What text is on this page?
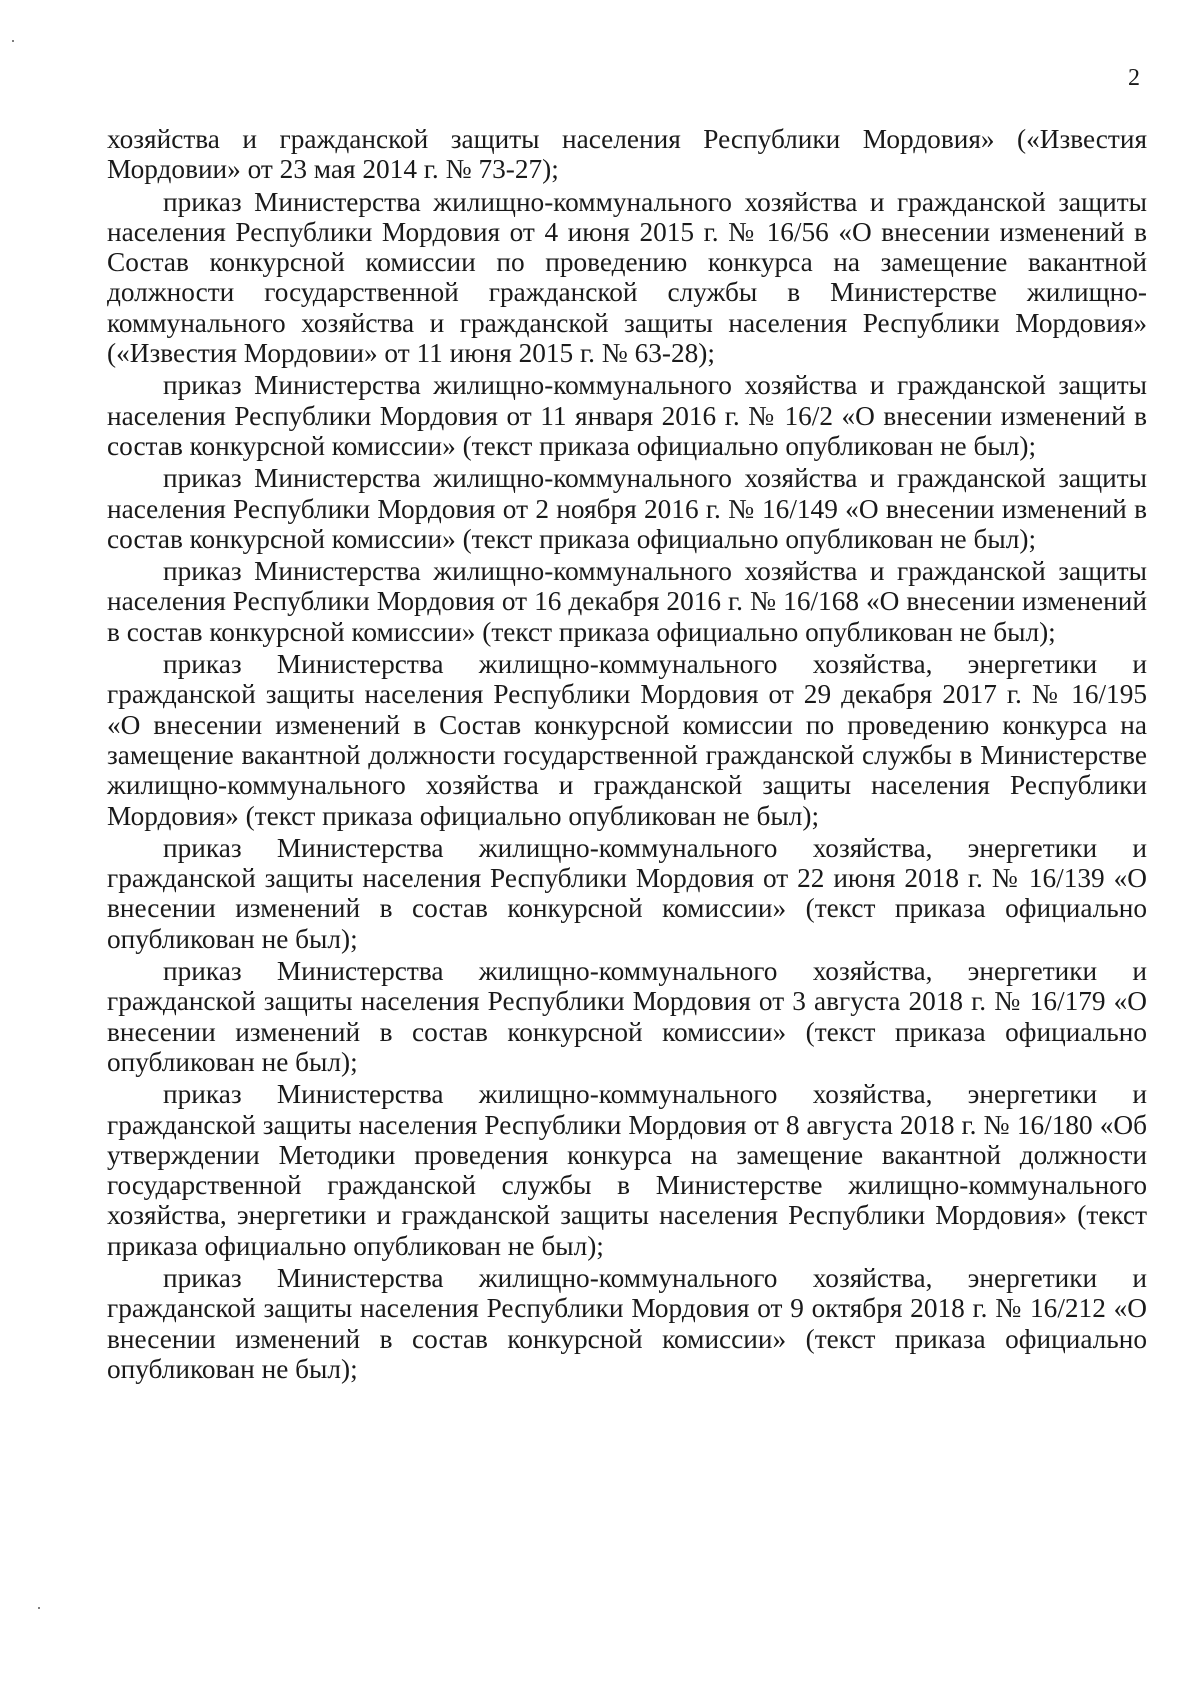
2

хозяйства и гражданской защиты населения Республики Мордовия» («Известия Мордовии» от 23 мая 2014 г. № 73-27);

приказ Министерства жилищно-коммунального хозяйства и гражданской защиты населения Республики Мордовия от 4 июня 2015 г. № 16/56 «О внесении изменений в Состав конкурсной комиссии по проведению конкурса на замещение вакантной должности государственной гражданской службы в Министерстве жилищно-коммунального хозяйства и гражданской защиты населения Республики Мордовия» («Известия Мордовии» от 11 июня 2015 г. № 63-28);

приказ Министерства жилищно-коммунального хозяйства и гражданской защиты населения Республики Мордовия от 11 января 2016 г. № 16/2 «О внесении изменений в состав конкурсной комиссии» (текст приказа официально опубликован не был);

приказ Министерства жилищно-коммунального хозяйства и гражданской защиты населения Республики Мордовия от 2 ноября 2016 г. № 16/149 «О внесении изменений в состав конкурсной комиссии» (текст приказа официально опубликован не был);

приказ Министерства жилищно-коммунального хозяйства и гражданской защиты населения Республики Мордовия от 16 декабря 2016 г. № 16/168 «О внесении изменений в состав конкурсной комиссии» (текст приказа официально опубликован не был);

приказ Министерства жилищно-коммунального хозяйства, энергетики и гражданской защиты населения Республики Мордовия от 29 декабря 2017 г. № 16/195 «О внесении изменений в Состав конкурсной комиссии по проведению конкурса на замещение вакантной должности государственной гражданской службы в Министерстве жилищно-коммунального хозяйства и гражданской защиты населения Республики Мордовия» (текст приказа официально опубликован не был);

приказ Министерства жилищно-коммунального хозяйства, энергетики и гражданской защиты населения Республики Мордовия от 22 июня 2018 г. № 16/139 «О внесении изменений в состав конкурсной комиссии» (текст приказа официально опубликован не был);

приказ Министерства жилищно-коммунального хозяйства, энергетики и гражданской защиты населения Республики Мордовия от 3 августа 2018 г. № 16/179 «О внесении изменений в состав конкурсной комиссии» (текст приказа официально опубликован не был);

приказ Министерства жилищно-коммунального хозяйства, энергетики и гражданской защиты населения Республики Мордовия от 8 августа 2018 г. № 16/180 «Об утверждении Методики проведения конкурса на замещение вакантной должности государственной гражданской службы в Министерстве жилищно-коммунального хозяйства, энергетики и гражданской защиты населения Республики Мордовия» (текст приказа официально опубликован не был);

приказ Министерства жилищно-коммунального хозяйства, энергетики и гражданской защиты населения Республики Мордовия от 9 октября 2018 г. № 16/212 «О внесении изменений в состав конкурсной комиссии» (текст приказа официально опубликован не был);
